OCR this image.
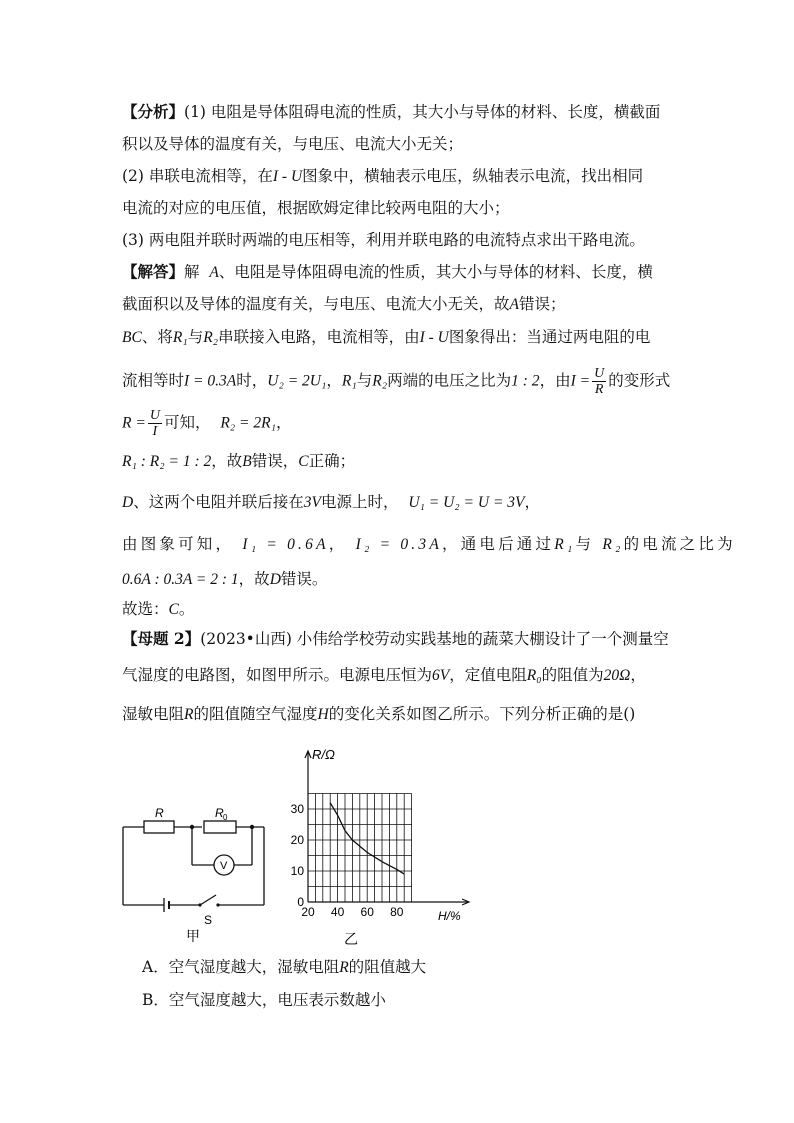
【分析】(1) 电阻是导体阻碍电流的性质，其大小与导体的材料、长度，横截面
积以及导体的温度有关，与电压、电流大小无关；
(2) 串联电流相等，在I - U图象中，横轴表示电压，纵轴表示电流，找出相同
电流的对应的电压值，根据欧姆定律比较两电阻的大小；
(3) 两电阻并联时两端的电压相等，利用并联电路的电流特点求出干路电流。
【解答】解 A、电阻是导体阻碍电流的性质，其大小与导体的材料、长度，横
截面积以及导体的温度有关，与电压、电流大小无关，故A错误；
BC、将R₁与R₂串联接入电路，电流相等，由I - U图象得出：当通过两电阻的电
流相等时I = 0.3A时，U₂ = 2U₁，R₁与R₂两端的电压之比为1 : 2，由$I = \frac{U}{R}$ 的变形式
$R = \frac{U}{I}$ 可知， R₂ = 2R₁，
R₁ : R₂ = 1 : 2，故B错误，C正确；
D、这两个电阻并联后接在3V电源上时， U₁ = U₂ = U = 3V，
由图象可知， I₁ = 0.6A， I₂ = 0.3A，通电后通过R₁与 R₂的电流之比为
0.6A : 0.3A = 2 : 1，故D错误。
故选：C。
【母题 2】(2023•山西) 小伟给学校劳动实践基地的蔬菜大棚设计了一个测量空
气湿度的电路图，如图甲所示。电源电压恒为6V，定值电阻R₀的阻值为20Ω，
湿敏电阻R的阻值随空气湿度H的变化关系如图乙所示。下列分析正确的是()
R	R 0
V
S
甲
0
10
20
30
20 40 60 80
R/Ω
H/%
乙
A．空气湿度越大，湿敏电阻R的阻值越大
B．空气湿度越大，电压表示数越小
